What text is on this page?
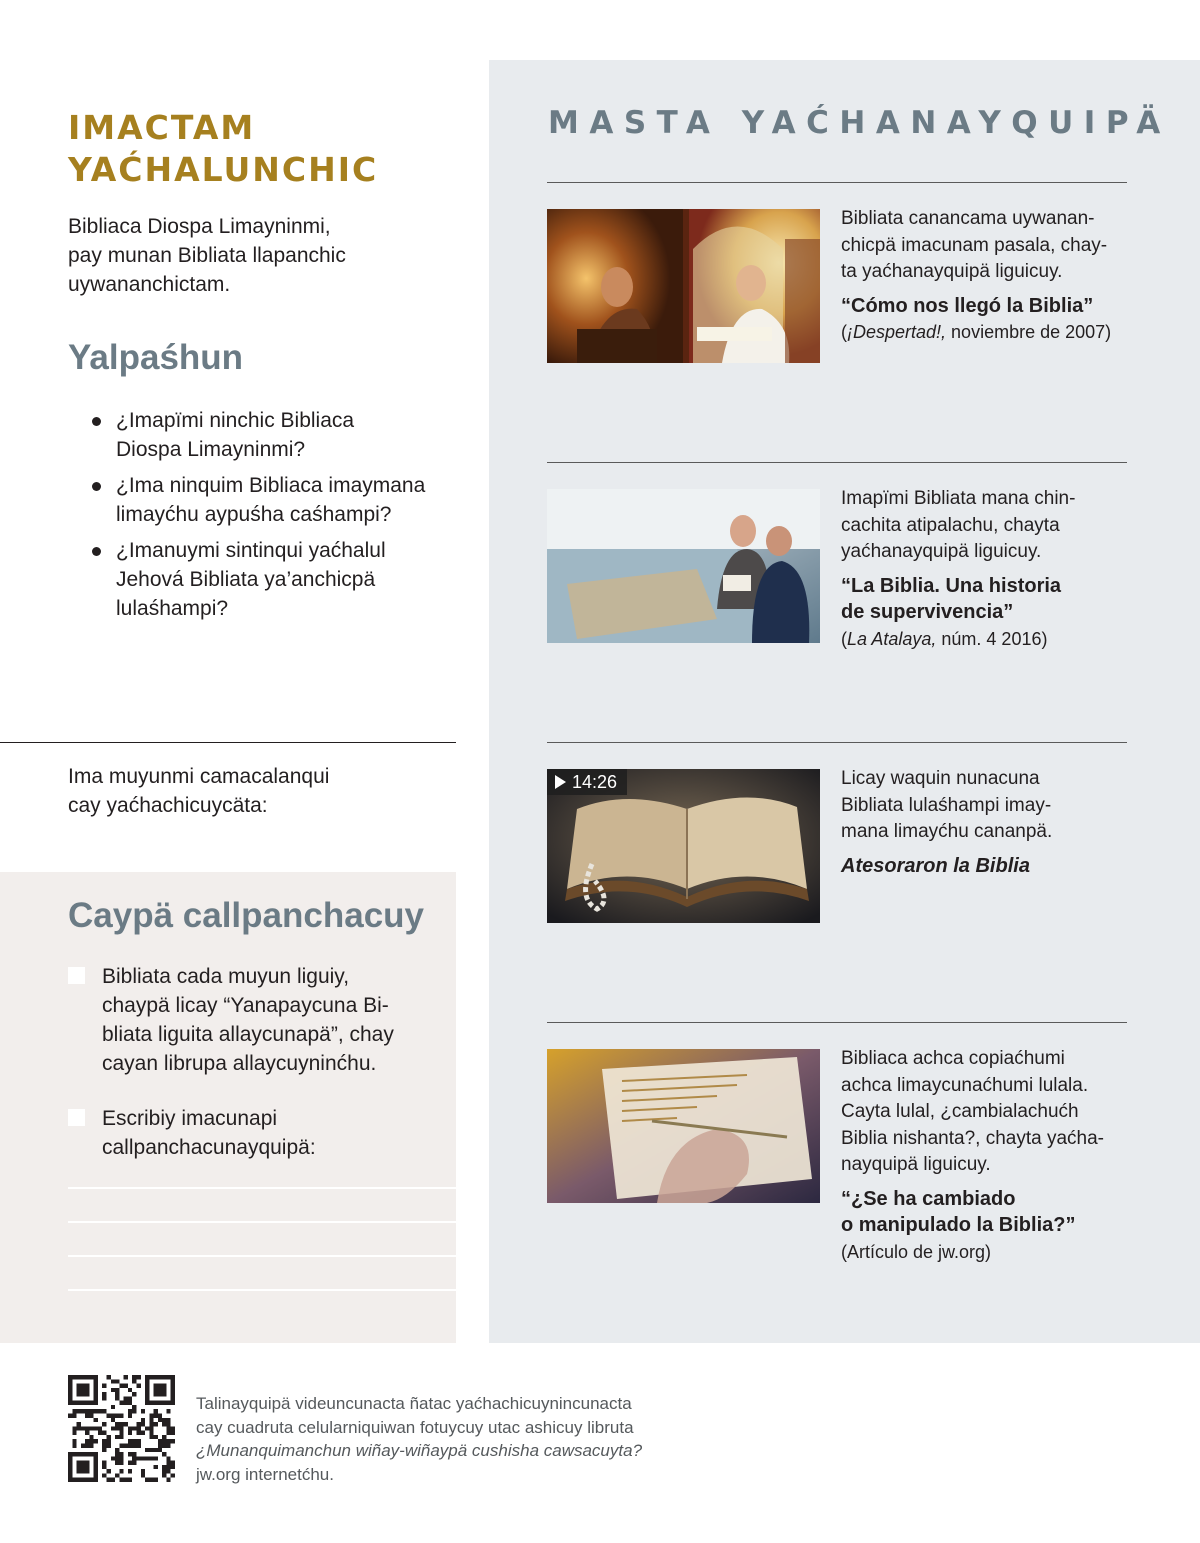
IMACTAM
YAĆHALUNCHIC

Bibliaca Diospa Limayninmi,
pay munan Bibliata llapanchic
uywananchictam.

Yalpaśhun
¿Imapïmi ninchic Bibliaca
Diospa Limayninmi?
¿Ima ninquim Bibliaca imaymana
limayćhu aypuśha caśhampi?
¿Imanuymi sintinqui yaćhalul
Jehová Bibliata ya’anchicpä
lulaśhampi?

Ima muyunmi camacalanqui
cay yaćhachicuycäta:

Caypä callpanchacuy

Bibliata cada muyun liguiy,
chaypä licay “Yanapaycuna Bi-
bliata liguita allaycunapä”, chay
cayan librupa allaycuyninćhu.

Escribiy imacunapi
callpanchacunayquipä:

MASTA YAĆHANAYQUIPÄ

Bibliata canancama uywanan-
chicpä imacunam pasala, chay-
ta yaćhanayquipä liguicuy.

“Cómo nos llegó la Biblia”

(¡Despertad!, noviembre de 2007)

Imapïmi Bibliata mana chin-
cachita atipalachu, chayta
yaćhanayquipä liguicuy.

“La Biblia. Una historia
de supervivencia”

(La Atalaya, núm. 4 2016)

14:26	Licay waquin nunacuna
Bibliata lulaśhampi imay-
mana limayćhu cananpä.

Atesoraron la Biblia

Bibliaca achca copiaćhumi
achca limaycunaćhumi lulala.
Cayta lulal, ¿cambialachućh
Biblia nishanta?, chayta yaćha-
nayquipä liguicuy.

“¿Se ha cambiado
o manipulado la Biblia?”

(Artículo de jw.org)

Talinayquipä videuncunacta ñatac yaćhachicuynincunacta
cay cuadruta celularniquiwan fotuycuy utac ashicuy libruta
¿Munanquimanchun wiñay-wiñaypä cushisha cawsacuyta?
jw.org internetćhu.
